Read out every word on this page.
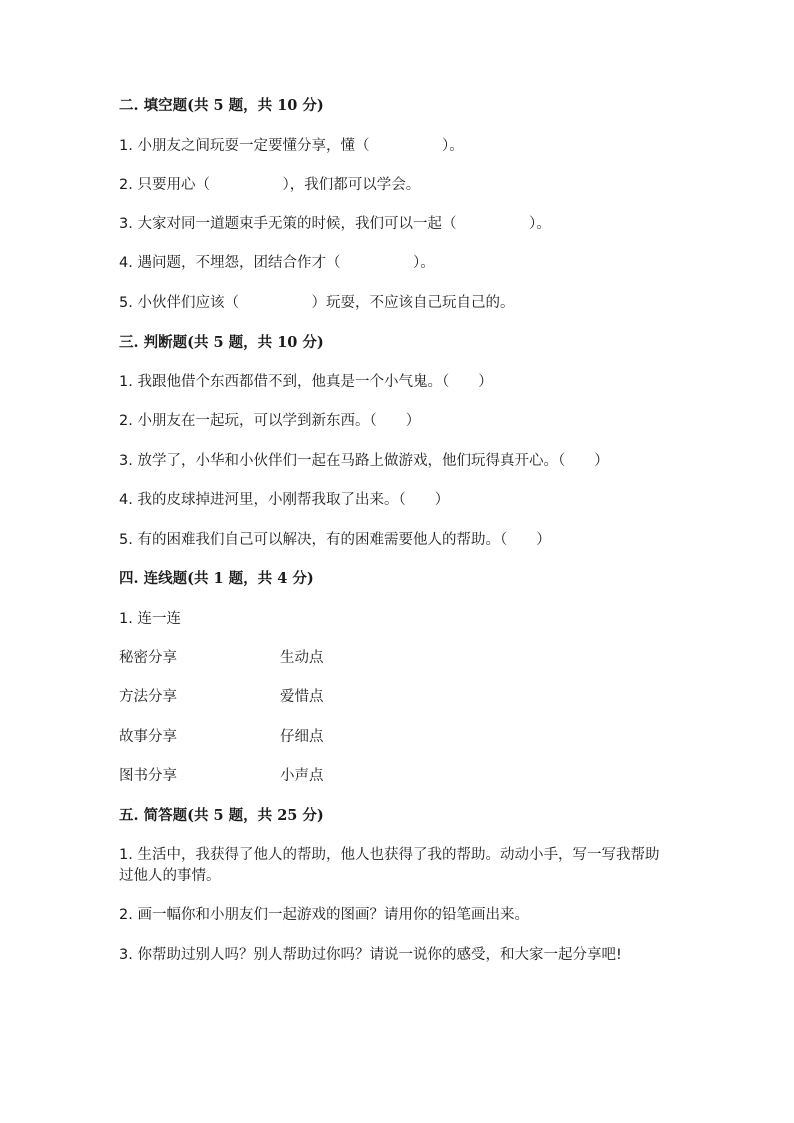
二. 填空题(共 5 题，共 10 分)
1. 小朋友之间玩耍一定要懂分享，懂（　　　　　）。
2. 只要用心（　　　　　），我们都可以学会。
3. 大家对同一道题束手无策的时候，我们可以一起（　　　　　）。
4. 遇问题，不埋怨，团结合作才（　　　　　）。
5. 小伙伴们应该（　　　　　）玩耍，不应该自己玩自己的。
三. 判断题(共 5 题，共 10 分)
1. 我跟他借个东西都借不到，他真是一个小气鬼。（　　）
2. 小朋友在一起玩，可以学到新东西。（　　）
3. 放学了，小华和小伙伴们一起在马路上做游戏，他们玩得真开心。（　　）
4. 我的皮球掉进河里，小刚帮我取了出来。（　　）
5. 有的困难我们自己可以解决，有的困难需要他人的帮助。（　　）
四. 连线题(共 1 题，共 4 分)
1. 连一连
秘密分享	生动点
方法分享	爱惜点
故事分享	仔细点
图书分享	小声点
五. 简答题(共 5 题，共 25 分)
1. 生活中，我获得了他人的帮助，他人也获得了我的帮助。动动小手，写一写我帮助过他人的事情。
2. 画一幅你和小朋友们一起游戏的图画？请用你的铅笔画出来。
3. 你帮助过别人吗？别人帮助过你吗？请说一说你的感受，和大家一起分享吧!
